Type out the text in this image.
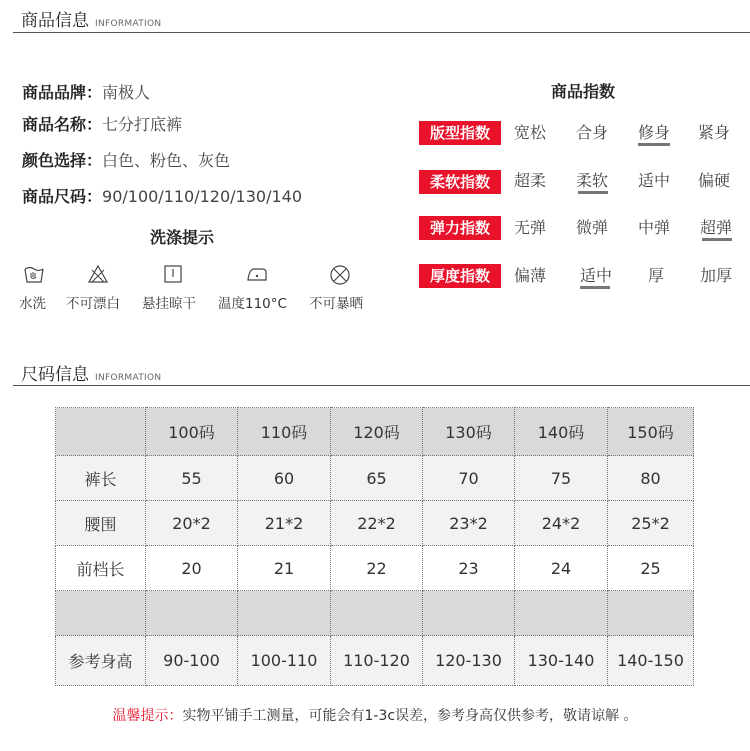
商品信息 INFORMATION
商品品牌：南极人
商品名称：七分打底裤
颜色选择：白色、粉色、灰色
商品尺码：90/100/110/120/130/140
洗涤提示
水洗 不可漂白 悬挂晾干 温度110°C 不可暴晒
商品指数
版型指数	宽松	合身	修身	紧身
柔软指数	超柔	柔软	适中	偏硬
弹力指数	无弹	微弹	中弹	超弹
厚度指数	偏薄	适中	厚	加厚
尺码信息 INFORMATION
	100码	110码	120码	130码	140码	150码
裤长	55	60	65	70	75	80
腰围	20*2	21*2	22*2	23*2	24*2	25*2
前档长	20	21	22	23	24	25

参考身高	90-100	100-110	110-120	120-130	130-140	140-150
温馨提示：实物平铺手工测量，可能会有1-3c误差，参考身高仅供参考，敬请谅解 。
